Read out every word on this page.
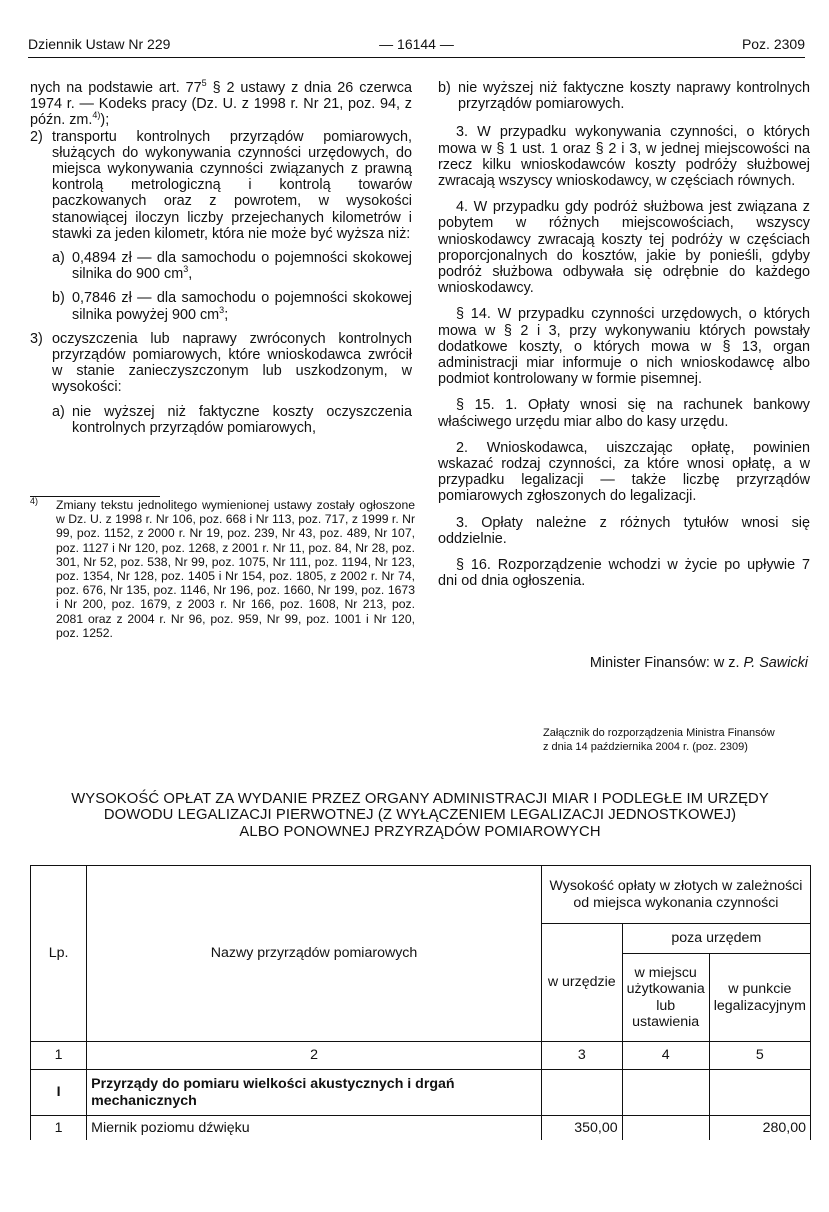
— 16144 —
Dziennik Ustaw Nr 229	Poz. 2309

nych na podstawie art. $77^5$ § 2 ustawy z dnia 26 czerwca 1974 r. — Kodeks pracy (Dz. U. z 1998 r. Nr 21, poz. 94, z późn. zm.$^{4)}$);

2) transportu kontrolnych przyrządów pomiarowych, służących do wykonywania czynności urzędowych, do miejsca wykonywania czynności związanych z prawną kontrolą metrologiczną i kontrolą towarów paczkowanych oraz z powrotem, w wysokości stanowiącej iloczyn liczby przejechanych kilometrów i stawki za jeden kilometr, która nie może być wyższa niż:
a) 0,4894 zł — dla samochodu o pojemności skokowej silnika do 900 $cm^3$,
b) 0,7846 zł — dla samochodu o pojemności skokowej silnika powyżej 900 $cm^3$;
3) oczyszczenia lub naprawy zwróconych kontrolnych przyrządów pomiarowych, które wnioskodawca zwrócił w stanie zanieczyszczonym lub uszkodzonym, w wysokości:
a) nie wyższej niż faktyczne koszty oczyszczenia kontrolnych przyrządów pomiarowych,
$^{4)}$	Zmiany tekstu jednolitego wymienionej ustawy zostały ogłoszone w Dz. U. z 1998 r. Nr 106, poz. 668 i Nr 113, poz. 717, z 1999 r. Nr 99, poz. 1152, z 2000 r. Nr 19, poz. 239, Nr 43, poz. 489, Nr 107, poz. 1127 i Nr 120, poz. 1268, z 2001 r. Nr 11, poz. 84, Nr 28, poz. 301, Nr 52, poz. 538, Nr 99, poz. 1075, Nr 111, poz. 1194, Nr 123, poz. 1354, Nr 128, poz. 1405 i Nr 154, poz. 1805, z 2002 r. Nr 74, poz. 676, Nr 135, poz. 1146, Nr 196, poz. 1660, Nr 199, poz. 1673 i Nr 200, poz. 1679, z 2003 r. Nr 166, poz. 1608, Nr 213, poz. 2081 oraz z 2004 r. Nr 96, poz. 959, Nr 99, poz. 1001 i Nr 120, poz. 1252.
b) nie wyższej niż faktyczne koszty naprawy kontrolnych przyrządów pomiarowych.

3. W przypadku wykonywania czynności, o których mowa w § 1 ust. 1 oraz § 2 i 3, w jednej miejscowości na rzecz kilku wnioskodawców koszty podróży służbowej zwracają wszyscy wnioskodawcy, w częściach równych.

4. W przypadku gdy podróż służbowa jest związana z pobytem w różnych miejscowościach, wszyscy wnioskodawcy zwracają koszty tej podróży w częściach proporcjonalnych do kosztów, jakie by ponieśli, gdyby podróż służbowa odbywała się odrębnie do każdego wnioskodawcy.

§ 14. W przypadku czynności urzędowych, o których mowa w § 2 i 3, przy wykonywaniu których powstały dodatkowe koszty, o których mowa w § 13, organ administracji miar informuje o nich wnioskodawcę albo podmiot kontrolowany w formie pisemnej.

§ 15. 1. Opłaty wnosi się na rachunek bankowy właściwego urzędu miar albo do kasy urzędu.

2. Wnioskodawca, uiszczając opłatę, powinien wskazać rodzaj czynności, za które wnosi opłatę, a w przypadku legalizacji — także liczbę przyrządów pomiarowych zgłoszonych do legalizacji.

3. Opłaty należne z różnych tytułów wnosi się oddzielnie.

§ 16. Rozporządzenie wchodzi w życie po upływie 7 dni od dnia ogłoszenia.

Minister Finansów: w z. P. Sawicki
Załącznik do rozporządzenia Ministra Finansów
z dnia 14 października 2004 r. (poz. 2309)
WYSOKOŚĆ OPŁAT ZA WYDANIE PRZEZ ORGANY ADMINISTRACJI MIAR I PODLEGŁE IM URZĘDY
DOWODU LEGALIZACJI PIERWOTNEJ (Z WYŁĄCZENIEM LEGALIZACJI JEDNOSTKOWEJ)
ALBO PONOWNEJ PRZYRZĄDÓW POMIAROWYCH
Lp.	Nazwy przyrządów pomiarowych	Wysokość opłaty w złotych w zależności od miejsca wykonania czynności		
		w urzędzie	poza urzędem	
			w miejscu użytkowania lub ustawienia	w punkcie legalizacyjnym
1	2	3	4	5
I	Przyrządy do pomiaru wielkości akustycznych i drgań mechanicznych			
1	Miernik poziomu dźwięku	350,00		280,00
